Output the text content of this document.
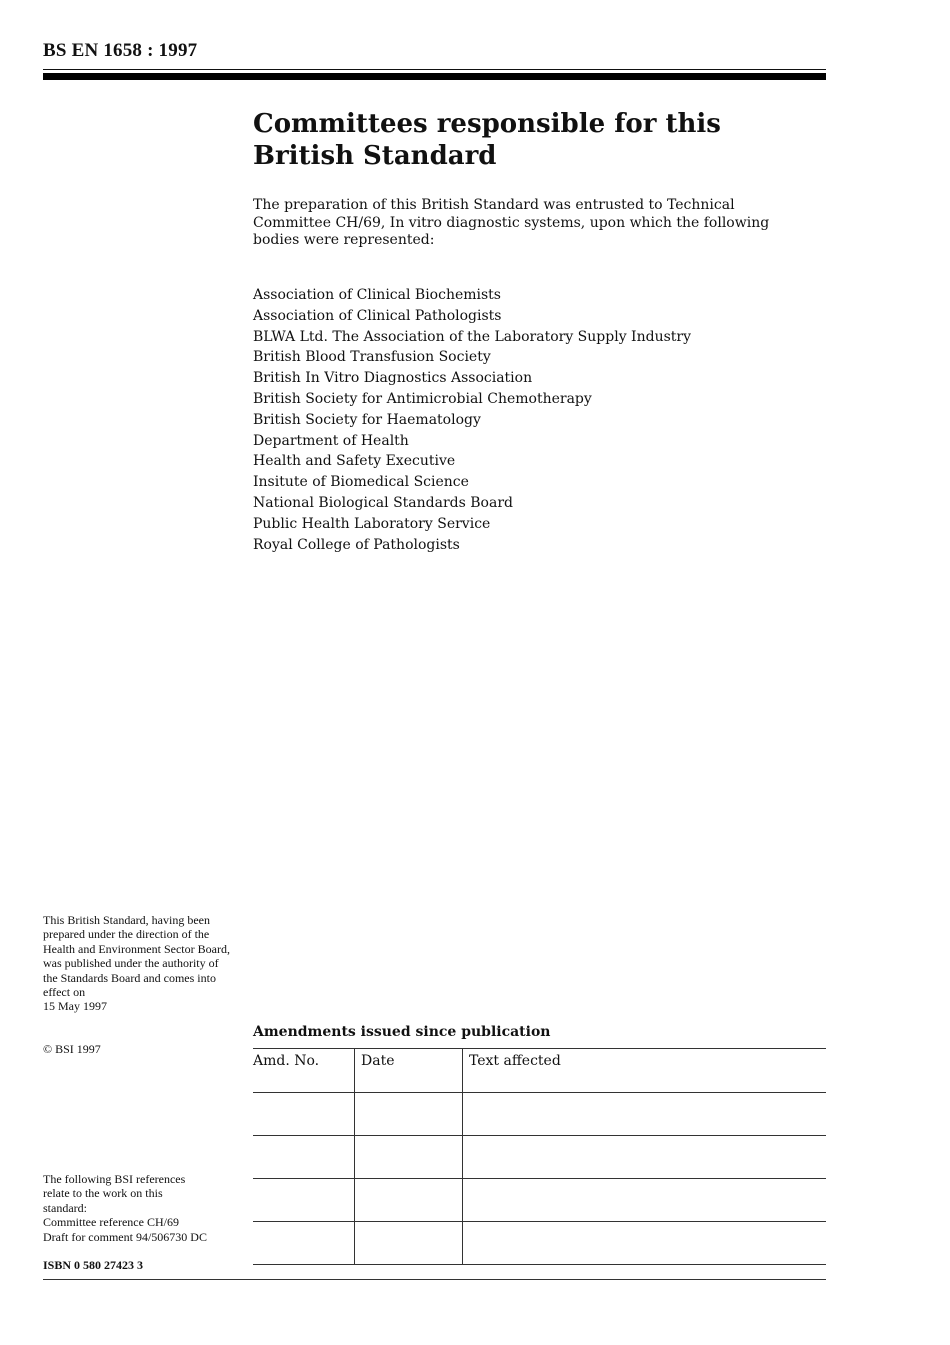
BS EN 1658 : 1997
Committees responsible for this British Standard

The preparation of this British Standard was entrusted to Technical Committee CH/69, In vitro diagnostic systems, upon which the following bodies were represented:

Association of Clinical Biochemists
Association of Clinical Pathologists
BLWA Ltd. The Association of the Laboratory Supply Industry
British Blood Transfusion Society
British In Vitro Diagnostics Association
British Society for Antimicrobial Chemotherapy
British Society for Haematology
Department of Health
Health and Safety Executive
Insitute of Biomedical Science
National Biological Standards Board
Public Health Laboratory Service
Royal College of Pathologists
This British Standard, having been prepared under the direction of the Health and Environment Sector Board, was published under the authority of the Standards Board and comes into effect on
15 May 1997
© BSI 1997
The following BSI references
relate to the work on this
standard:
Committee reference CH/69
Draft for comment 94/506730 DC
ISBN 0 580 27423 3
Amendments issued since publication
Amd. No.	Date	Text affected
